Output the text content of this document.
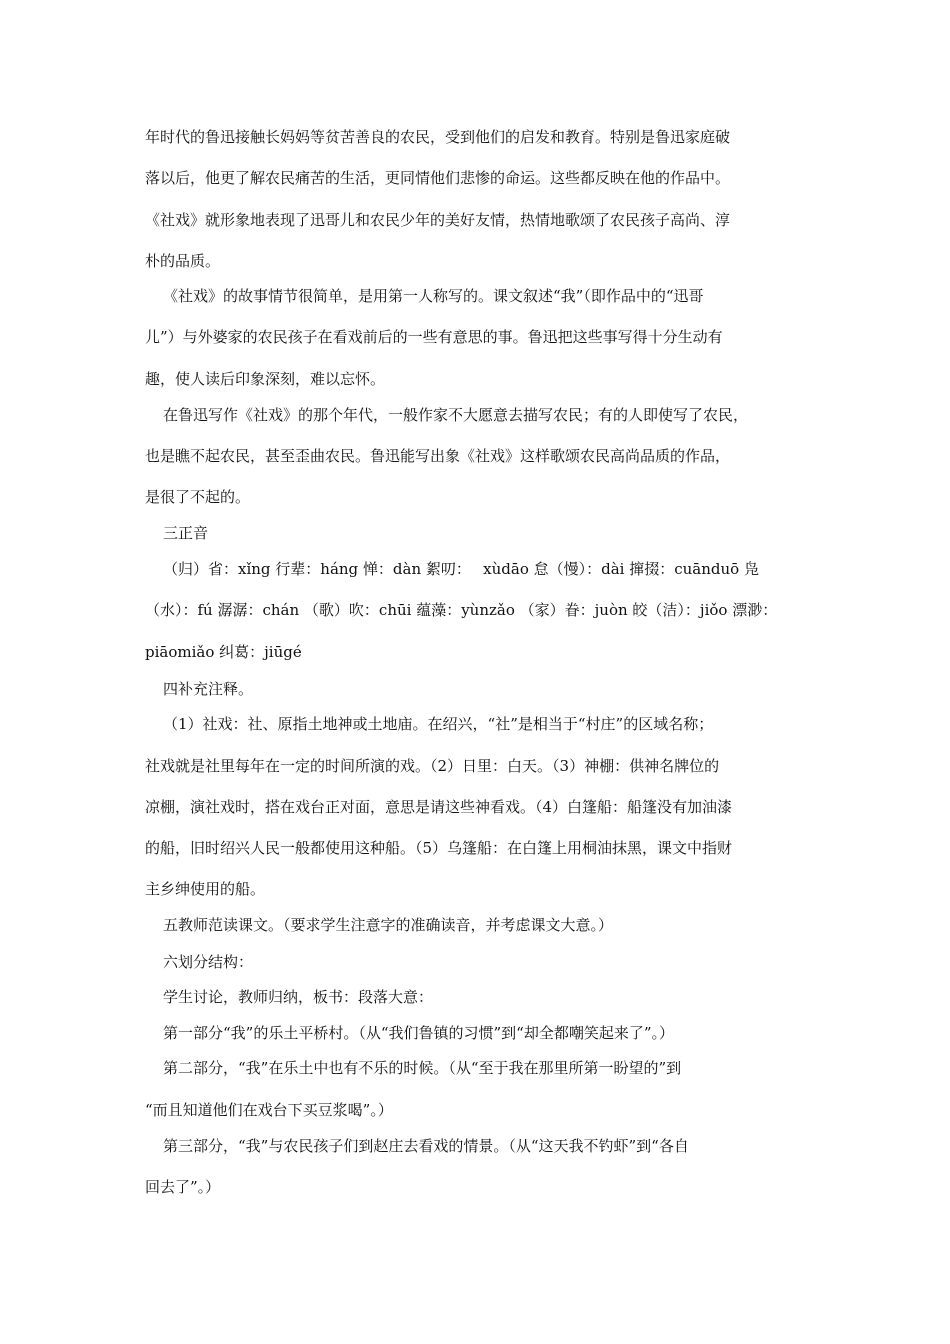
年时代的鲁迅接触长妈妈等贫苦善良的农民，受到他们的启发和教育。特别是鲁迅家庭破
落以后，他更了解农民痛苦的生活，更同情他们悲惨的命运。这些都反映在他的作品中。
《社戏》就形象地表现了迅哥儿和农民少年的美好友情，热情地歌颂了农民孩子高尚、淳
朴的品质。
《社戏》的故事情节很简单，是用第一人称写的。课文叙述“我”（即作品中的“迅哥
儿”）与外婆家的农民孩子在看戏前后的一些有意思的事。鲁迅把这些事写得十分生动有
趣，使人读后印象深刻，难以忘怀。
在鲁迅写作《社戏》的那个年代，一般作家不大愿意去描写农民；有的人即使写了农民，
也是瞧不起农民，甚至歪曲农民。鲁迅能写出象《社戏》这样歌颂农民高尚品质的作品，
是很了不起的。
三正音
（归）省：xǐng 行辈：háng 惮：dàn 絮叨：　 xùdāo 怠（慢）：dài 撺掇：cuānduō 凫
（水）：fú 潺潺：chán （歌）吹：chūi 蕴藻：yùnzǎo （家）眷：juòn 皎（洁）：jiǒo 漂渺：
piāomiǎo 纠葛：jiūgé
四补充注释。
（1）社戏：社、原指土地神或土地庙。在绍兴，“社”是相当于“村庄”的区域名称；
社戏就是社里每年在一定的时间所演的戏。（2）日里：白天。（3）神棚：供神名牌位的
凉棚，演社戏时，搭在戏台正对面，意思是请这些神看戏。（4）白篷船：船篷没有加油漆
的船，旧时绍兴人民一般都使用这种船。（5）乌篷船：在白篷上用桐油抹黑，课文中指财
主乡绅使用的船。
五教师范读课文。（要求学生注意字的准确读音，并考虑课文大意。）
六划分结构：
学生讨论，教师归纳，板书：段落大意：
第一部分“我”的乐土平桥村。（从“我们鲁镇的习惯”到“却全都嘲笑起来了”。）
第二部分，“我”在乐土中也有不乐的时候。（从“至于我在那里所第一盼望的”到
“而且知道他们在戏台下买豆浆喝”。）
第三部分，“我”与农民孩子们到赵庄去看戏的情景。（从“这天我不钓虾”到“各自
回去了”。）
